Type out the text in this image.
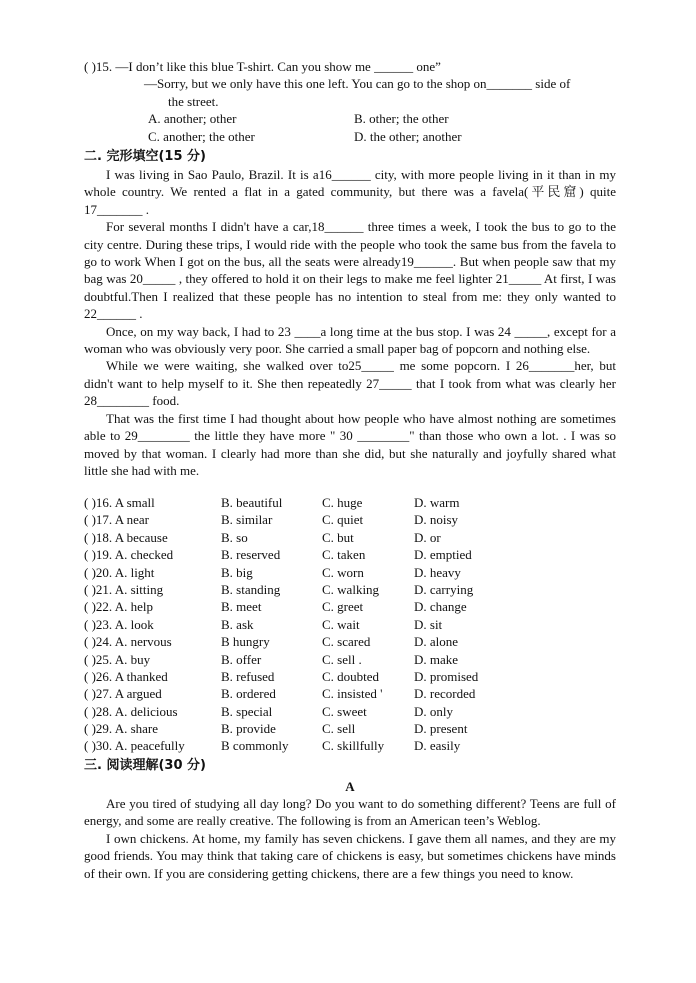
( )15. —I don’t like this blue T-shirt. Can you show me ______ one”
—Sorry, but we only have this one left. You can go to the shop on_______ side of
the street.
A. another; other	B. other; the other
C. another; the other	D. the other; another
二. 完形填空(15 分)
I was living in Sao Paulo, Brazil. It is a16______ city, with more people living in it than in my whole country. We rented a flat in a gated community, but there was a favela(平民窟) quite 17_______ .
For several months I didn't have a car,18______ three times a week, I took the bus to go to the city centre. During these trips, I would ride with the people who took the same bus from the favela to go to work When I got on the bus, all the seats were already19______. But when people saw that my bag was 20_____ , they offered to hold it on their legs to make me feel lighter 21_____ At first, I was doubtful.Then I realized that these people has no intention to steal from me: they only wanted to 22______ .
Once, on my way back, I had to 23 ____a long time at the bus stop. I was 24 _____, except for a woman who was obviously very poor. She carried a small paper bag of popcorn and nothing else.
While we were waiting, she walked over to25_____ me some popcorn. I 26_______her, but didn't want to help myself to it. She then repeatedly 27_____ that I took from what was clearly her 28________ food.
That was the first time I had thought about how people who have almost nothing are sometimes able to 29________ the little they have more " 30 ________" than those who own a lot. . I was so moved by that woman. I clearly had more than she did, but she naturally and joyfully shared what little she had with me.
( )16. A small	B. beautiful	C. huge	D. warm
( )17. A near	B. similar	C. quiet	D. noisy
( )18. A because	B. so	C. but	D. or
( )19. A. checked	B. reserved	C. taken	D. emptied
( )20. A. light	B. big	C. worn	D. heavy
( )21. A. sitting	B. standing	C. walking	D. carrying
( )22. A. help	B. meet	C. greet	D. change
( )23. A. look	B. ask	C. wait	D. sit
( )24. A. nervous	B hungry	C. scared	D. alone
( )25. A. buy	B. offer	C. sell .	D. make
( )26. A thanked	B. refused	C. doubted	D. promised
( )27. A argued	B. ordered	C. insisted ' D. recorded
( )28. A. delicious	B. special	C. sweet	D. only
( )29. A. share	B. provide	C. sell	D. present
( )30. A. peacefully	B commonly	C. skillfully D. easily
三. 阅读理解(30 分)
A
Are you tired of studying all day long? Do you want to do something different? Teens are full of energy, and some are really creative. The following is from an American teen’s Weblog.
I own chickens. At home, my family has seven chickens. I gave them all names, and they are my good friends. You may think that taking care of chickens is easy, but sometimes chickens have minds of their own. If you are considering getting chickens, there are a few things you need to know.
